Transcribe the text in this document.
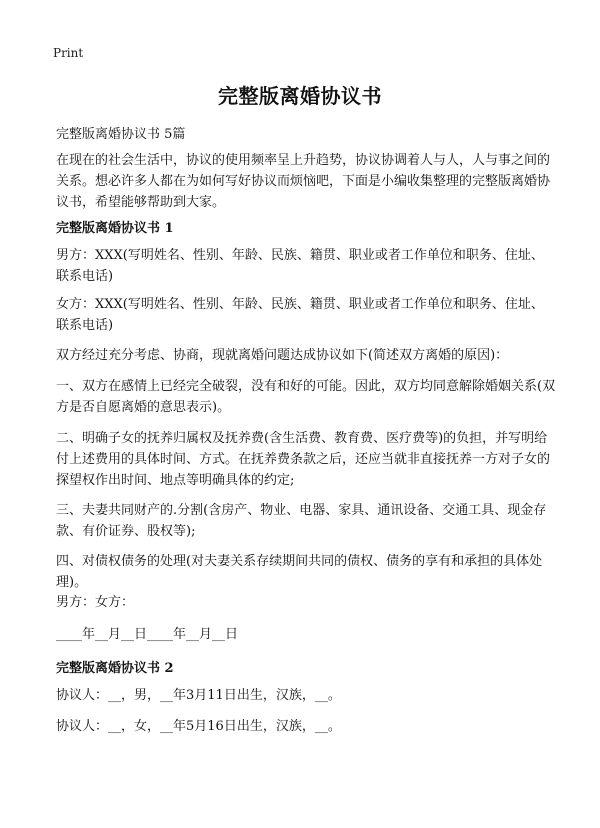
Print
完整版离婚协议书
完整版离婚协议书 5篇
在现在的社会生活中，协议的使用频率呈上升趋势，协议协调着人与人，人与事之间的关系。想必许多人都在为如何写好协议而烦恼吧，下面是小编收集整理的完整版离婚协议书，希望能够帮助到大家。
完整版离婚协议书 1
男方：XXX(写明姓名、性别、年龄、民族、籍贯、职业或者工作单位和职务、住址、联系电话)
女方：XXX(写明姓名、性别、年龄、民族、籍贯、职业或者工作单位和职务、住址、联系电话)
双方经过充分考虑、协商，现就离婚问题达成协议如下(简述双方离婚的原因)：
一、双方在感情上已经完全破裂，没有和好的可能。因此，双方均同意解除婚姻关系(双方是否自愿离婚的意思表示)。
二、明确子女的抚养归属权及抚养费(含生活费、教育费、医疗费等)的负担，并写明给付上述费用的具体时间、方式。在抚养费条款之后，还应当就非直接抚养一方对子女的探望权作出时间、地点等明确具体的约定;
三、夫妻共同财产的.分割(含房产、物业、电器、家具、通讯设备、交通工具、现金存款、有价证券、股权等);
四、对债权债务的处理(对夫妻关系存续期间共同的债权、债务的享有和承担的具体处理)。
男方：女方：
____年__月__日____年__月__日
完整版离婚协议书 2
协议人：__，男，__年3月11日出生，汉族，__。
协议人：__，女，__年5月16日出生，汉族，__。
